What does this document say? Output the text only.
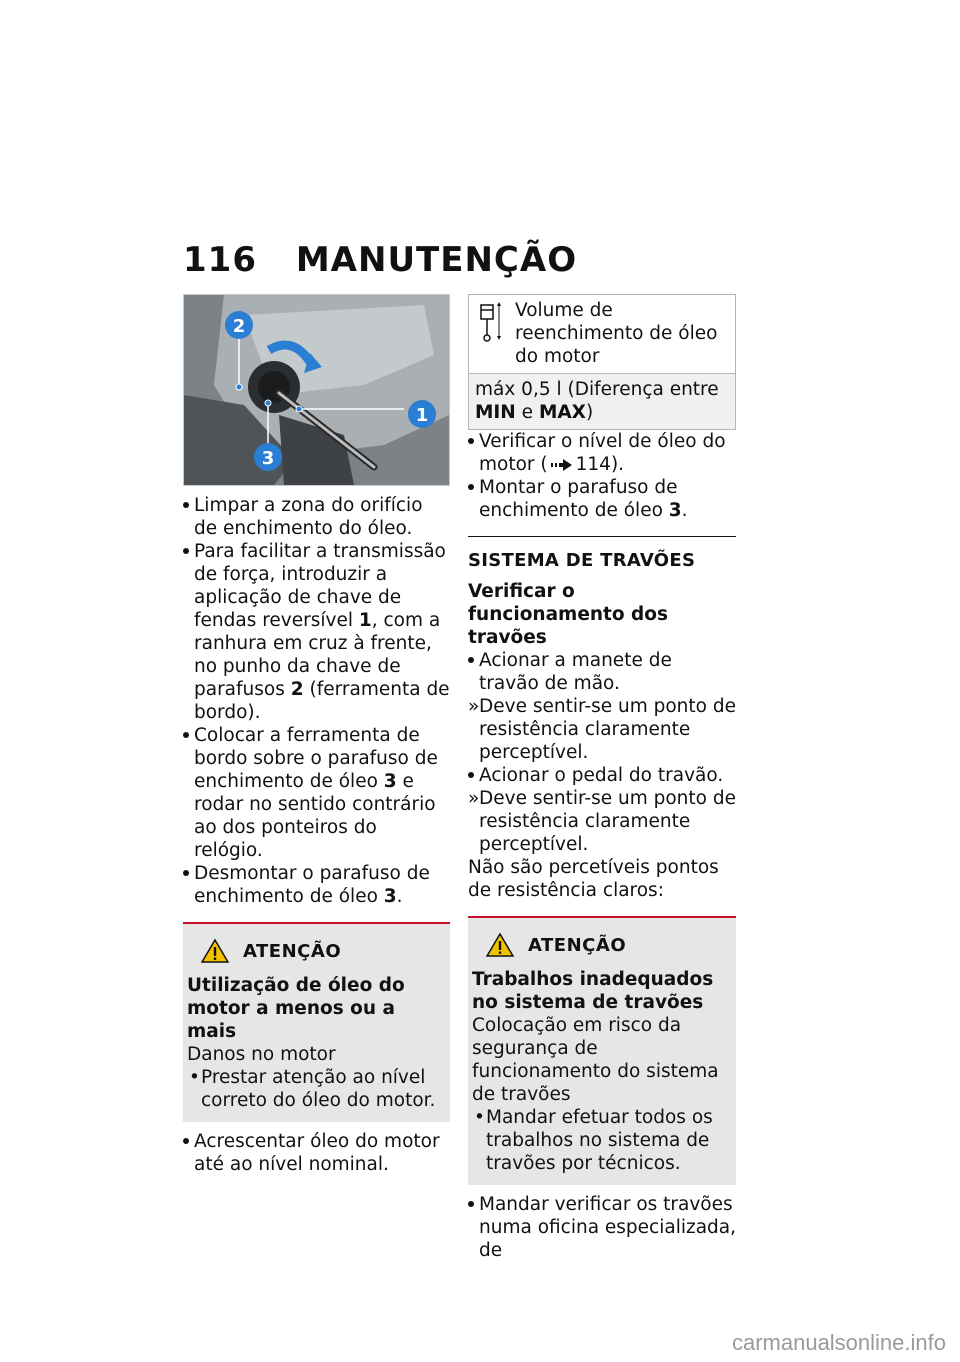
116 MANUTENÇÃO
2
1
3

Limpar a zona do orifício de enchimento do óleo.

Para facilitar a transmissão de força, introduzir a aplicação de chave de fendas reversível 1, com a ranhura em cruz à frente, no punho da chave de parafusos 2 (ferramenta de bordo).

Colocar a ferramenta de bordo sobre o parafuso de enchimento de óleo 3 e rodar no sentido contrário ao dos ponteiros do relógio.

Desmontar o parafuso de enchimento de óleo 3.

ATENÇÃO

Utilização de óleo do motor a menos ou a mais

Danos no motor

• Prestar atenção ao nível correto do óleo do motor.

Acrescentar óleo do motor até ao nível nominal.

Volume de reenchimento de óleo do motor
máx 0,5 l (Diferença entre MIN e MAX)

Verificar o nível de óleo do motor ( 114).

Montar o parafuso de enchimento de óleo 3.

SISTEMA DE TRAVÕES

Verificar o funcionamento dos travões

Acionar a manete de travão de mão.

» Deve sentir-se um ponto de resistência claramente perceptível.

Acionar o pedal do travão.

» Deve sentir-se um ponto de resistência claramente perceptível.

Não são percetíveis pontos de resistência claros:

ATENÇÃO

Trabalhos inadequados no sistema de travões

Colocação em risco da segurança de funcionamento do sistema de travões

• Mandar efetuar todos os trabalhos no sistema de travões por técnicos.

Mandar verificar os travões numa oficina especializada, de

carmanualsonline.info
